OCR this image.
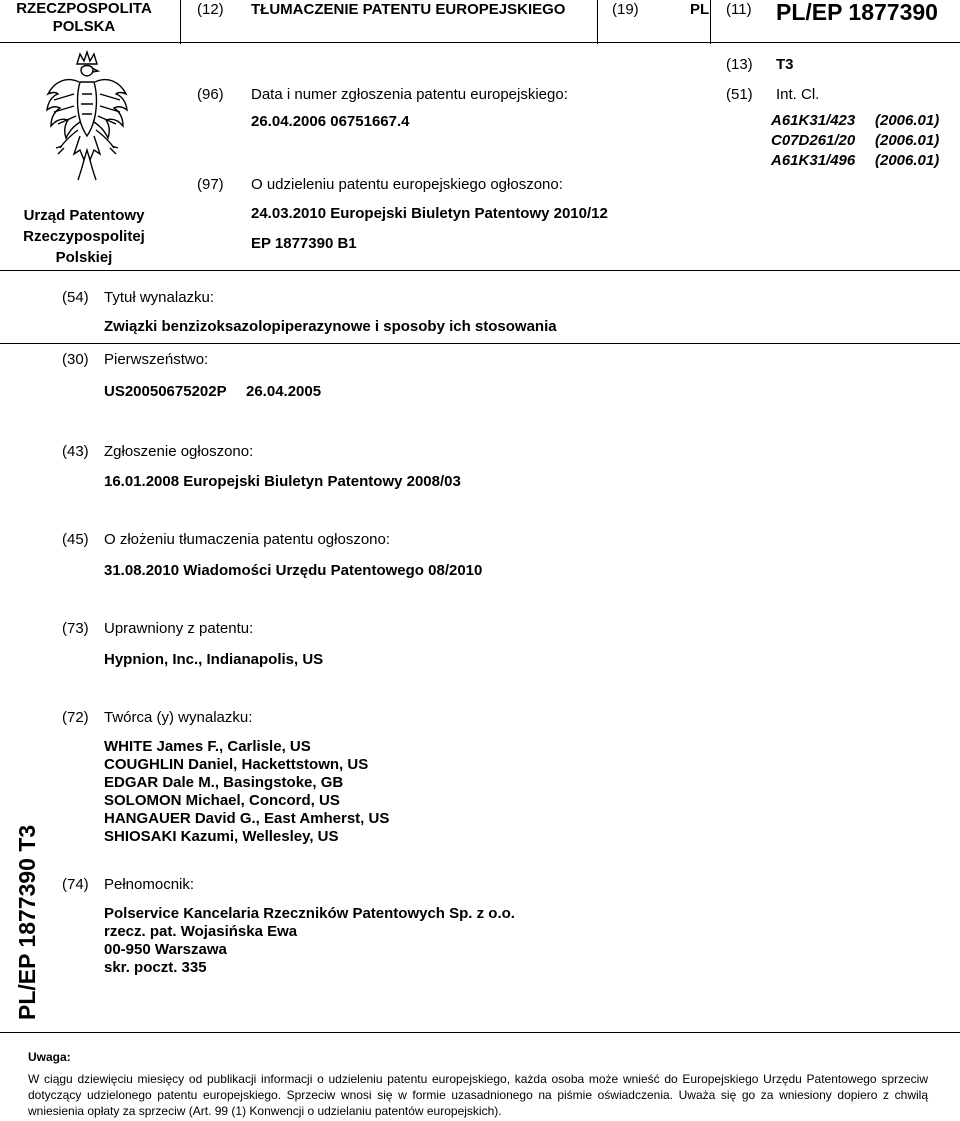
RZECZPOSPOLITA
POLSKA
(12) TŁUMACZENIE PATENTU EUROPEJSKIEGO	(19)	PL (11) PL/EP 1877390
Urząd Patentowy
Rzeczypospolitej
Polskiej
(96) Data i numer zgłoszenia patentu europejskiego:
26.04.2006 06751667.4
(97) O udzieleniu patentu europejskiego ogłoszono:
24.03.2010 Europejski Biuletyn Patentowy 2010/12
EP 1877390 B1
(13) T3
(51) Int. Cl.
A61K31/423 (2006.01)
C07D261/20 (2006.01)
A61K31/496 (2006.01)
(54) Tytuł wynalazku:
Związki benzizoksazolopiperazynowe i sposoby ich stosowania
(30) Pierwszeństwo:
US20050675202P 26.04.2005
(43) Zgłoszenie ogłoszono:
16.01.2008 Europejski Biuletyn Patentowy 2008/03
(45) O złożeniu tłumaczenia patentu ogłoszono:
31.08.2010 Wiadomości Urzędu Patentowego 08/2010
(73) Uprawniony z patentu:
Hypnion, Inc., Indianapolis, US
(72) Twórca (y) wynalazku:
WHITE James F., Carlisle, US
COUGHLIN Daniel, Hackettstown, US
EDGAR Dale M., Basingstoke, GB
SOLOMON Michael, Concord, US
HANGAUER David G., East Amherst, US
SHIOSAKI Kazumi, Wellesley, US
(74) Pełnomocnik:
Polservice Kancelaria Rzeczników Patentowych Sp. z o.o.
rzecz. pat. Wojasińska Ewa
00-950 Warszawa
skr. poczt. 335
PL/EP 1877390 T3
Uwaga:
W ciągu dziewięciu miesięcy od publikacji informacji o udzieleniu patentu europejskiego, każda osoba może wnieść do Europejskiego Urzędu Patentowego sprzeciw dotyczący udzielonego patentu europejskiego. Sprzeciw wnosi się w formie uzasadnionego na piśmie oświadczenia. Uważa się go za wniesiony dopiero z chwilą wniesienia opłaty za sprzeciw (Art. 99 (1) Konwencji o udzielaniu patentów europejskich).
